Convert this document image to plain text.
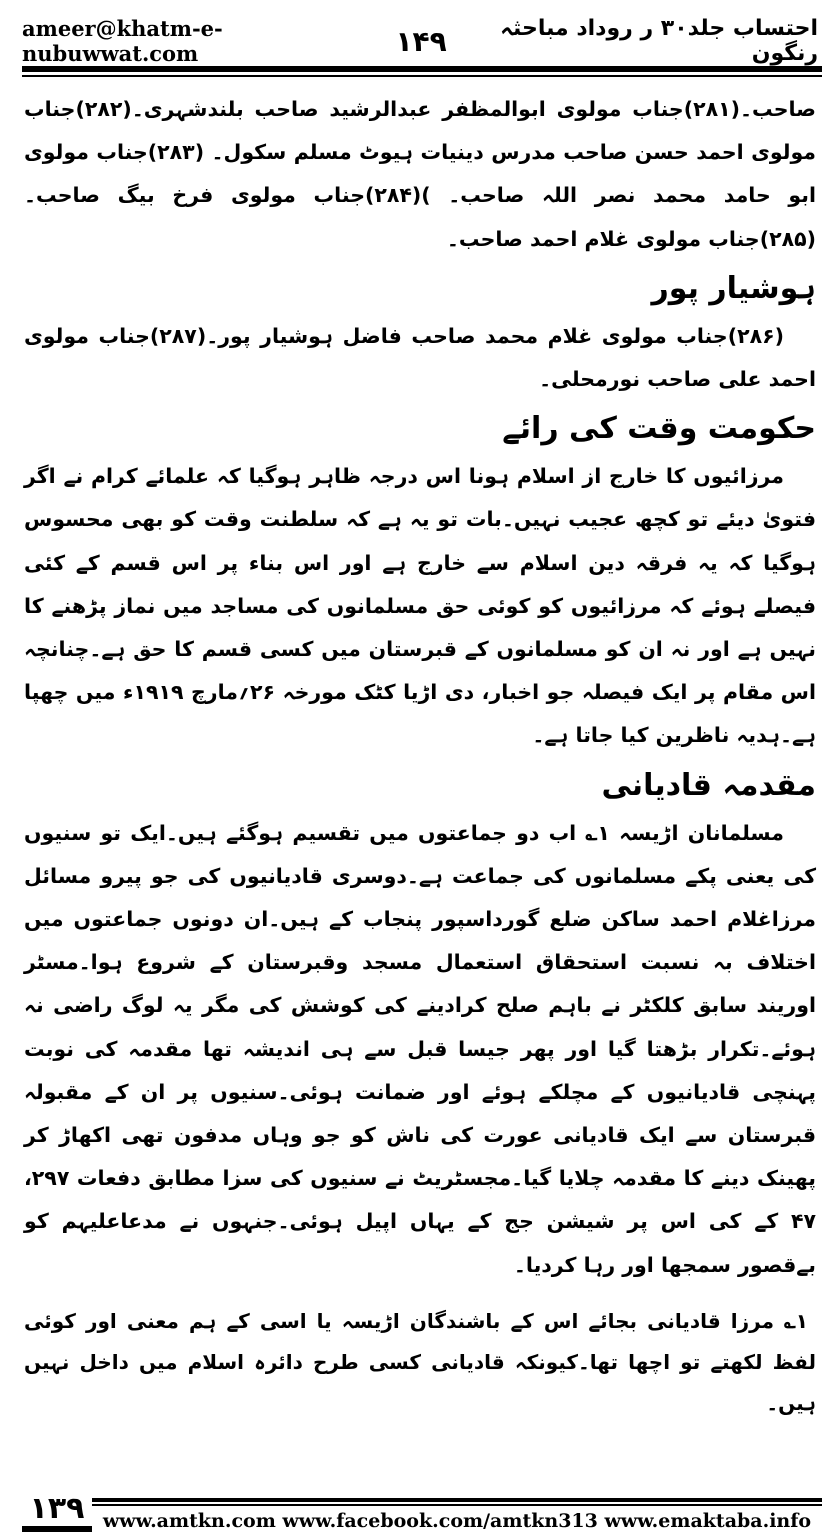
ameer@khatm-e-nubuwwat.com	۱۴۹	احتساب جلد۳۰ ر روداد مباحثہ رنگون

صاحب۔(۲۸۱)جناب مولوی ابوالمظفر عبدالرشید صاحب بلندشہری۔(۲۸۲)جناب مولوی احمد حسن صاحب مدرس دینیات ہیوٹ مسلم سکول۔ (۲۸۳)جناب مولوی ابو حامد محمد نصر اللہ صاحب۔ )(۲۸۴)جناب مولوی فرخ بیگ صاحب۔ (۲۸۵)جناب مولوی غلام احمد صاحب۔

ہوشیار پور

(۲۸۶)جناب مولوی غلام محمد صاحب فاضل ہوشیار پور۔(۲۸۷)جناب مولوی احمد علی صاحب نورمحلی۔

حکومت وقت کی رائے

مرزائیوں کا خارج از اسلام ہونا اس درجہ ظاہر ہوگیا کہ علمائے کرام نے اگر فتویٰ دیئے تو کچھ عجیب نہیں۔بات تو یہ ہے کہ سلطنت وقت کو بھی محسوس ہوگیا کہ یہ فرقہ دین اسلام سے خارج ہے اور اس بناء پر اس قسم کے کئی فیصلے ہوئے کہ مرزائیوں کو کوئی حق مسلمانوں کی مساجد میں نماز پڑھنے کا نہیں ہے اور نہ ان کو مسلمانوں کے قبرستان میں کسی قسم کا حق ہے۔چنانچہ اس مقام پر ایک فیصلہ جو اخبار، دی اڑیا کٹک مورخہ ۲۶؍مارچ ۱۹۱۹ء میں چھپا ہے۔ہدیہ ناظرین کیا جاتا ہے۔

مقدمہ قادیانی

مسلمانان اڑیسہ ۱؎ اب دو جماعتوں میں تقسیم ہوگئے ہیں۔ایک تو سنیوں کی یعنی پکے مسلمانوں کی جماعت ہے۔دوسری قادیانیوں کی جو پیرو مسائل مرزاغلام احمد ساکن ضلع گورداسپور پنجاب کے ہیں۔ان دونوں جماعتوں میں اختلاف بہ نسبت استحقاق استعمال مسجد وقبرستان کے شروع ہوا۔مسٹر اوریند سابق کلکٹر نے باہم صلح کرادینے کی کوشش کی مگر یہ لوگ راضی نہ ہوئے۔تکرار بڑھتا گیا اور پھر جیسا قبل سے ہی اندیشہ تھا مقدمہ کی نوبت پہنچی قادیانیوں کے مچلکے ہوئے اور ضمانت ہوئی۔سنیوں پر ان کے مقبولہ قبرستان سے ایک قادیانی عورت کی ناش کو جو وہاں مدفون تھی اکھاڑ کر پھینک دینے کا مقدمہ چلایا گیا۔مجسٹریٹ نے سنیوں کی سزا مطابق دفعات ۲۹۷، ۴۷ کے کی اس پر شیشن جج کے یہاں اپیل ہوئی۔جنہوں نے مدعاعلیہم کو بےقصور سمجھا اور رہا کردیا۔

۱؎ مرزا قادیانی بجائے اس کے باشندگان اڑیسہ یا اسی کے ہم معنی اور کوئی لفظ لکھتے تو اچھا تھا۔کیونکہ قادیانی کسی طرح دائرہ اسلام میں داخل نہیں ہیں۔

۱۳۹ www.amtkn.com www.facebook.com/amtkn313 www.emaktaba.info
